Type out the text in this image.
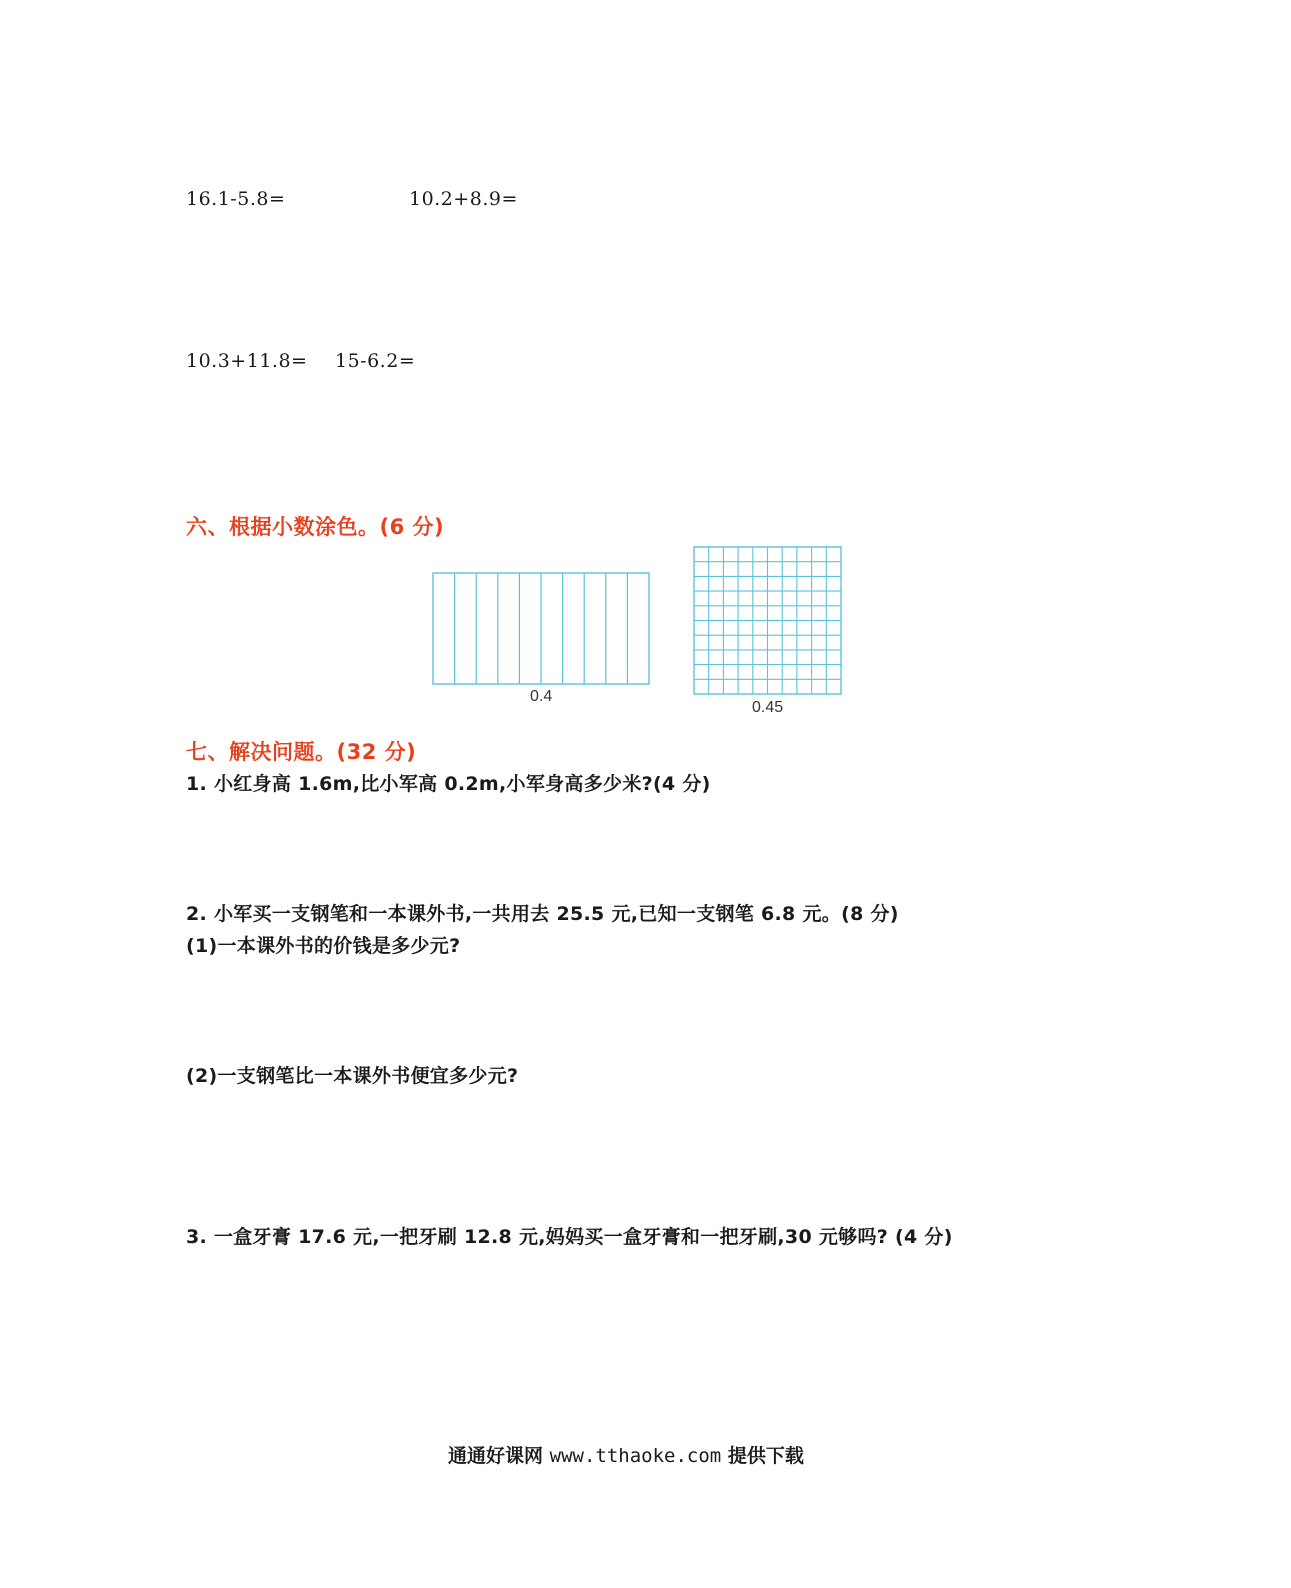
16.1-5.8=	10.2+8.9=
10.3+11.8= 15-6.2=
六、根据小数涂色。(6 分)
0.4
0.45
七、解决问题。(32 分)
1. 小红身高 1.6m,比小军高 0.2m,小军身高多少米?(4 分)
2. 小军买一支钢笔和一本课外书,一共用去 25.5 元,已知一支钢笔 6.8 元。(8 分)
(1)一本课外书的价钱是多少元?
(2)一支钢笔比一本课外书便宜多少元?
3. 一盒牙膏 17.6 元,一把牙刷 12.8 元,妈妈买一盒牙膏和一把牙刷,30 元够吗? (4 分)
通通好课网 www.tthaoke.com 提供下载
